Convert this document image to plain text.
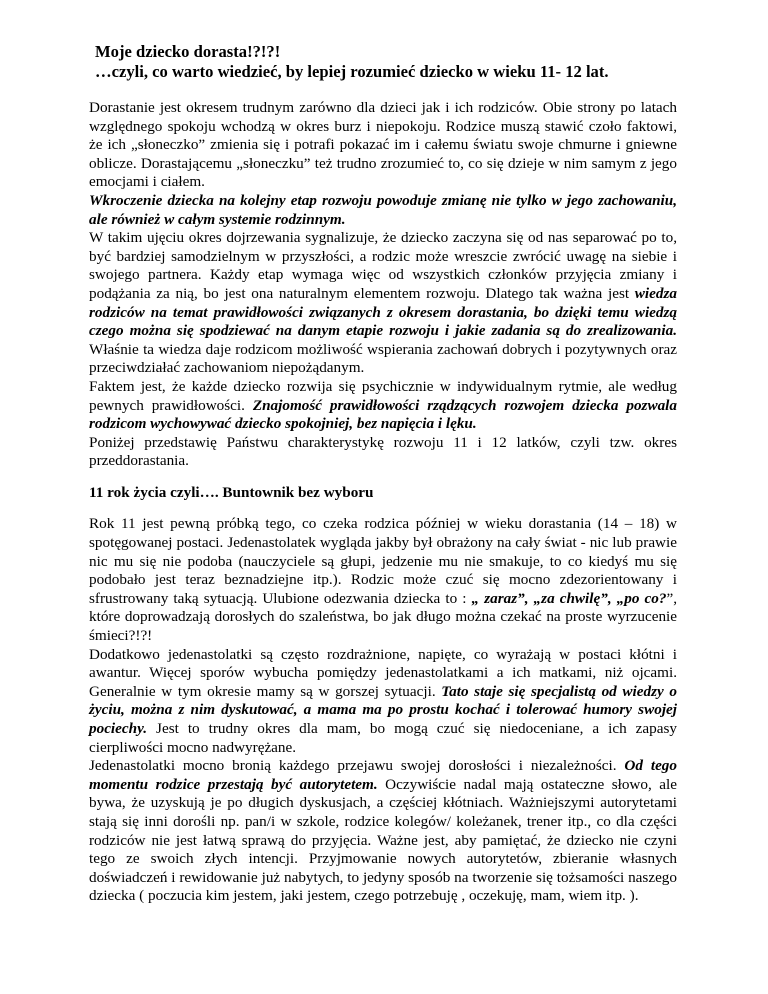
Moje dziecko dorasta!?!?!
…czyli, co warto wiedzieć, by lepiej rozumieć dziecko w wieku 11- 12 lat.

Dorastanie jest okresem trudnym zarówno dla dzieci jak i ich rodziców. Obie strony po latach względnego spokoju wchodzą w okres burz i niepokoju. Rodzice muszą stawić czoło faktowi, że ich „słoneczko” zmienia się i potrafi pokazać im i całemu światu swoje chmurne i gniewne oblicze. Dorastającemu „słoneczku” też trudno zrozumieć to, co się dzieje w nim samym z jego emocjami i ciałem.

Wkroczenie dziecka na kolejny etap rozwoju powoduje zmianę nie tylko w jego zachowaniu, ale również w całym systemie rodzinnym.

W takim ujęciu okres dojrzewania sygnalizuje, że dziecko zaczyna się od nas separować po to, być bardziej samodzielnym w przyszłości, a rodzic może wreszcie zwrócić uwagę na siebie i swojego partnera. Każdy etap wymaga więc od wszystkich członków przyjęcia zmiany i podążania za nią, bo jest ona naturalnym elementem rozwoju. Dlatego tak ważna jest wiedza rodziców na temat prawidłowości związanych z okresem dorastania, bo dzięki temu wiedzą czego można się spodziewać na danym etapie rozwoju i jakie zadania są do zrealizowania. Właśnie ta wiedza daje rodzicom możliwość wspierania zachowań dobrych i pozytywnych oraz przeciwdziałać zachowaniom niepożądanym.

Faktem jest, że każde dziecko rozwija się psychicznie w indywidualnym rytmie, ale według pewnych prawidłowości. Znajomość prawidłowości rządzących rozwojem dziecka pozwala rodzicom wychowywać dziecko spokojniej, bez napięcia i lęku.

Poniżej przedstawię Państwu charakterystykę rozwoju 11 i 12 latków, czyli tzw. okres przeddorastania.

11 rok życia czyli…. Buntownik bez wyboru

Rok 11 jest pewną próbką tego, co czeka rodzica później w wieku dorastania (14 – 18) w spotęgowanej postaci. Jedenastolatek wygląda jakby był obrażony na cały świat - nic lub prawie nic mu się nie podoba (nauczyciele są głupi, jedzenie mu nie smakuje, to co kiedyś mu się podobało jest teraz beznadziejne itp.). Rodzic może czuć się mocno zdezorientowany i sfrustrowany taką sytuacją. Ulubione odezwania dziecka to : „ zaraz”, „za chwilę”, „po co?”, które doprowadzają dorosłych do szaleństwa, bo jak długo można czekać na proste wyrzucenie śmieci?!?!

Dodatkowo jedenastolatki są często rozdrażnione, napięte, co wyrażają w postaci kłótni i awantur. Więcej sporów wybucha pomiędzy jedenastolatkami a ich matkami, niż ojcami. Generalnie w tym okresie mamy są w gorszej sytuacji. Tato staje się specjalistą od wiedzy o życiu, można z nim dyskutować, a mama ma po prostu kochać i tolerować humory swojej pociechy. Jest to trudny okres dla mam, bo mogą czuć się niedoceniane, a ich zapasy cierpliwości mocno nadwyrężane.

Jedenastolatki mocno bronią każdego przejawu swojej dorosłości i niezależności. Od tego momentu rodzice przestają być autorytetem. Oczywiście nadal mają ostateczne słowo, ale bywa, że uzyskują je po długich dyskusjach, a częściej kłótniach. Ważniejszymi autorytetami stają się inni dorośli np. pan/i w szkole, rodzice kolegów/ koleżanek, trener itp., co dla części rodziców nie jest łatwą sprawą do przyjęcia. Ważne jest, aby pamiętać, że dziecko nie czyni tego ze swoich złych intencji. Przyjmowanie nowych autorytetów, zbieranie własnych doświadczeń i rewidowanie już nabytych, to jedyny sposób na tworzenie się tożsamości naszego dziecka ( poczucia kim jestem, jaki jestem, czego potrzebuję , oczekuję, mam, wiem itp. ).
